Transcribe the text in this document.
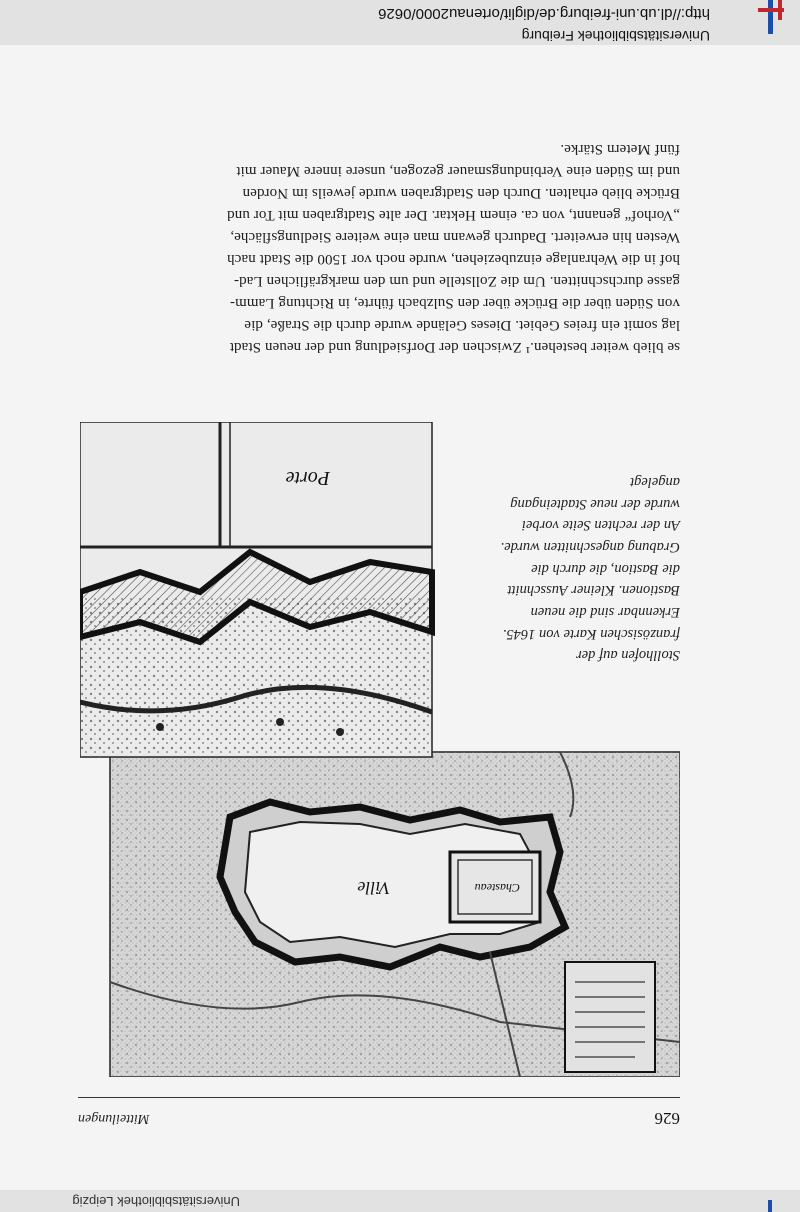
Universitätsbibliothek Freiburg
http://dl.ub.uni-freiburg.de/diglit/ortenau2000/0626
Porte
Ville	Chasteau
Stollhofen auf der
französischen Karte von 1645.
Erkennbar sind die neuen
Bastionen. Kleiner Ausschnitt
die Bastion, die durch die
Grabung angeschnitten wurde.
An der rechten Seite vorbei
wurde der neue Stadteingang
angelegt
se blieb weiter bestehen.¹ Zwischen der Dorfsiedlung und der neuen Stadt
lag somit ein freies Gebiet. Dieses Gelände wurde durch die Straße, die
von Süden über die Brücke über den Sulzbach führte, in Richtung Lamm-
gasse durchschnitten. Um die Zollstelle und um den markgräflichen Lad-
hof in die Wehranlage einzubeziehen, wurde noch vor 1500 die Stadt nach
Westen hin erweitert. Dadurch gewann man eine weitere Siedlungsfläche,
„Vorhof“ genannt, von ca. einem Hektar. Der alte Stadtgraben mit Tor und
Brücke blieb erhalten. Durch den Stadtgraben wurde jeweils im Norden
und im Süden eine Verbindungsmauer gezogen, unsere innere Mauer mit
fünf Metern Stärke.
626
Mitteilungen
Universitätsbibliothek Leipzig
